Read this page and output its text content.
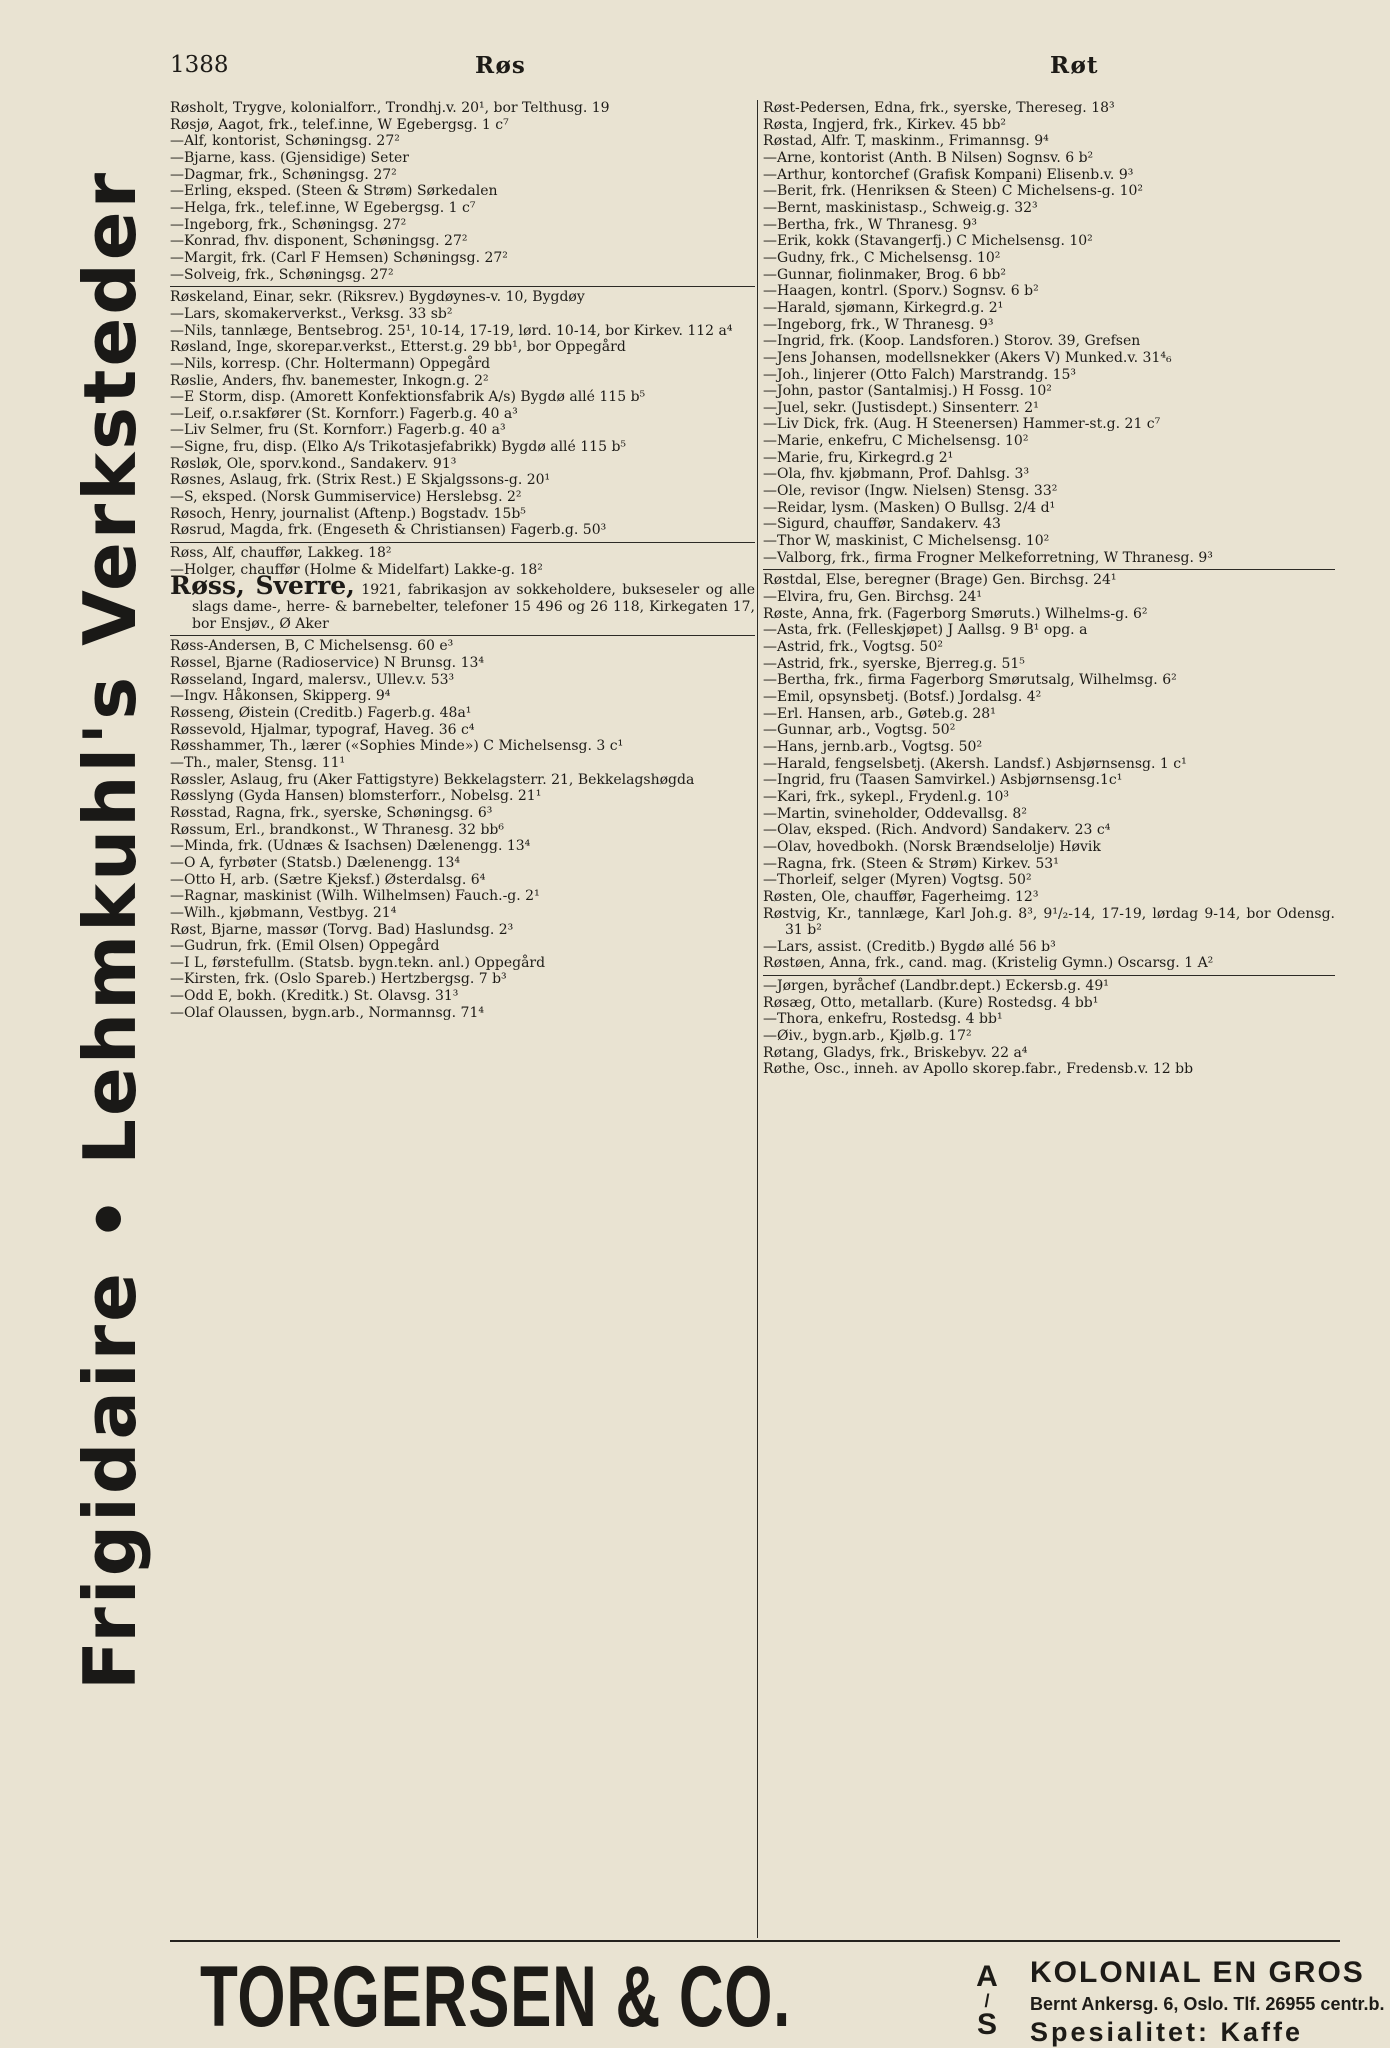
1388	Røs	Røt
Frigidaire • Lehmkuhl's Verksteder

Røsholt, Trygve, kolonialforr., Trondhj.v. 20¹, bor Telthusg. 19

Røsjø, Aagot, frk., telef.inne, W Egebergsg. 1 c⁷

—Alf, kontorist, Schøningsg. 27²

—Bjarne, kass. (Gjensidige) Seter

—Dagmar, frk., Schøningsg. 27²

—Erling, eksped. (Steen & Strøm) Sørkedalen

—Helga, frk., telef.inne, W Egebergsg. 1 c⁷

—Ingeborg, frk., Schøningsg. 27²

—Konrad, fhv. disponent, Schøningsg. 27²

—Margit, frk. (Carl F Hemsen) Schøningsg. 27²

—Solveig, frk., Schøningsg. 27²

Røskeland, Einar, sekr. (Riksrev.) Bygdøynes-v. 10, Bygdøy

—Lars, skomakerverkst., Verksg. 33 sb²

—Nils, tannlæge, Bentsebrog. 25¹, 10-14, 17-19, lørd. 10-14, bor Kirkev. 112 a⁴

Røsland, Inge, skorepar.verkst., Etterst.g. 29 bb¹, bor Oppegård

—Nils, korresp. (Chr. Holtermann) Oppegård

Røslie, Anders, fhv. banemester, Inkogn.g. 2²

—E Storm, disp. (Amorett Konfektionsfabrik A/s) Bygdø allé 115 b⁵

—Leif, o.r.sakfører (St. Kornforr.) Fagerb.g. 40 a³

—Liv Selmer, fru (St. Kornforr.) Fagerb.g. 40 a³

—Signe, fru, disp. (Elko A/s Trikotasjefabrikk) Bygdø allé 115 b⁵

Røsløk, Ole, sporv.kond., Sandakerv. 91³

Røsnes, Aslaug, frk. (Strix Rest.) E Skjalgssons-g. 20¹

—S, eksped. (Norsk Gummiservice) Herslebsg. 2²

Røsoch, Henry, journalist (Aftenp.) Bogstadv. 15b⁵

Røsrud, Magda, frk. (Engeseth & Christiansen) Fagerb.g. 50³

Røss, Alf, chauffør, Lakkeg. 18²

—Holger, chauffør (Holme & Midelfart) Lakke-g. 18²

Røss, Sverre, 1921, fabrikasjon av sokkeholdere, bukseseler og alle slags dame-, herre- & barnebelter, telefoner 15 496 og 26 118, Kirkegaten 17, bor Ensjøv., Ø Aker

Røss-Andersen, B, C Michelsensg. 60 e³

Røssel, Bjarne (Radioservice) N Brunsg. 13⁴

Røsseland, Ingard, malersv., Ullev.v. 53³

—Ingv. Håkonsen, Skipperg. 9⁴

Røsseng, Øistein (Creditb.) Fagerb.g. 48a¹

Røssevold, Hjalmar, typograf, Haveg. 36 c⁴

Røsshammer, Th., lærer («Sophies Minde») C Michelsensg. 3 c¹

—Th., maler, Stensg. 11¹

Røssler, Aslaug, fru (Aker Fattigstyre) Bekkelagsterr. 21, Bekkelagshøgda

Røsslyng (Gyda Hansen) blomsterforr., Nobelsg. 21¹

Røsstad, Ragna, frk., syerske, Schøningsg. 6³

Røssum, Erl., brandkonst., W Thranesg. 32 bb⁶

—Minda, frk. (Udnæs & Isachsen) Dælenengg. 13⁴

—O A, fyrbøter (Statsb.) Dælenengg. 13⁴

—Otto H, arb. (Sætre Kjeksf.) Østerdalsg. 6⁴

—Ragnar, maskinist (Wilh. Wilhelmsen) Fauch.-g. 2¹

—Wilh., kjøbmann, Vestbyg. 21⁴

Røst, Bjarne, massør (Torvg. Bad) Haslundsg. 2³

—Gudrun, frk. (Emil Olsen) Oppegård

—I L, førstefullm. (Statsb. bygn.tekn. anl.) Oppegård

—Kirsten, frk. (Oslo Spareb.) Hertzbergsg. 7 b³

—Odd E, bokh. (Kreditk.) St. Olavsg. 31³

—Olaf Olaussen, bygn.arb., Normannsg. 71⁴

Røst-Pedersen, Edna, frk., syerske, Thereseg. 18³

Røsta, Ingjerd, frk., Kirkev. 45 bb²

Røstad, Alfr. T, maskinm., Frimannsg. 9⁴

—Arne, kontorist (Anth. B Nilsen) Sognsv. 6 b²

—Arthur, kontorchef (Grafisk Kompani) Elisenb.v. 9³

—Berit, frk. (Henriksen & Steen) C Michelsens-g. 10²

—Bernt, maskinistasp., Schweig.g. 32³

—Bertha, frk., W Thranesg. 9³

—Erik, kokk (Stavangerfj.) C Michelsensg. 10²

—Gudny, frk., C Michelsensg. 10²

—Gunnar, fiolinmaker, Brog. 6 bb²

—Haagen, kontrl. (Sporv.) Sognsv. 6 b²

—Harald, sjømann, Kirkegrd.g. 2¹

—Ingeborg, frk., W Thranesg. 9³

—Ingrid, frk. (Koop. Landsforen.) Storov. 39, Grefsen

—Jens Johansen, modellsnekker (Akers V) Munked.v. 31⁴₆

—Joh., linjerer (Otto Falch) Marstrandg. 15³

—John, pastor (Santalmisj.) H Fossg. 10²

—Juel, sekr. (Justisdept.) Sinsenterr. 2¹

—Liv Dick, frk. (Aug. H Steenersen) Hammer-st.g. 21 c⁷

—Marie, enkefru, C Michelsensg. 10²

—Marie, fru, Kirkegrd.g 2¹

—Ola, fhv. kjøbmann, Prof. Dahlsg. 3³

—Ole, revisor (Ingw. Nielsen) Stensg. 33²

—Reidar, lysm. (Masken) O Bullsg. 2/4 d¹

—Sigurd, chauffør, Sandakerv. 43

—Thor W, maskinist, C Michelsensg. 10²

—Valborg, frk., firma Frogner Melkeforretning, W Thranesg. 9³

Røstdal, Else, beregner (Brage) Gen. Birchsg. 24¹

—Elvira, fru, Gen. Birchsg. 24¹

Røste, Anna, frk. (Fagerborg Smøruts.) Wilhelms-g. 6²

—Asta, frk. (Felleskjøpet) J Aallsg. 9 B¹ opg. a

—Astrid, frk., Vogtsg. 50²

—Astrid, frk., syerske, Bjerreg.g. 51⁵

—Bertha, frk., firma Fagerborg Smørutsalg, Wilhelmsg. 6²

—Emil, opsynsbetj. (Botsf.) Jordalsg. 4²

—Erl. Hansen, arb., Gøteb.g. 28¹

—Gunnar, arb., Vogtsg. 50²

—Hans, jernb.arb., Vogtsg. 50²

—Harald, fengselsbetj. (Akersh. Landsf.) Asbjørnsensg. 1 c¹

—Ingrid, fru (Taasen Samvirkel.) Asbjørnsensg.1c¹

—Kari, frk., sykepl., Frydenl.g. 10³

—Martin, svineholder, Oddevallsg. 8²

—Olav, eksped. (Rich. Andvord) Sandakerv. 23 c⁴

—Olav, hovedbokh. (Norsk Brændselolje) Høvik

—Ragna, frk. (Steen & Strøm) Kirkev. 53¹

—Thorleif, selger (Myren) Vogtsg. 50²

Røsten, Ole, chauffør, Fagerheimg. 12³

Røstvig, Kr., tannlæge, Karl Joh.g. 8³, 9¹/₂-14, 17-19, lørdag 9-14, bor Odensg. 31 b²

—Lars, assist. (Creditb.) Bygdø allé 56 b³

Røstøen, Anna, frk., cand. mag. (Kristelig Gymn.) Oscarsg. 1 A²

—Jørgen, byråchef (Landbr.dept.) Eckersb.g. 49¹

Røsæg, Otto, metallarb. (Kure) Rostedsg. 4 bb¹

—Thora, enkefru, Rostedsg. 4 bb¹

—Øiv., bygn.arb., Kjølb.g. 17²

Røtang, Gladys, frk., Briskebyv. 22 a⁴

Røthe, Osc., inneh. av Apollo skorep.fabr., Fredensb.v. 12 bb

TORGERSEN & CO.	A
/
S
KOLONIAL EN GROS
Bernt Ankersg. 6, Oslo. Tlf. 26955 centr.b.
Spesialitet: Kaffe
